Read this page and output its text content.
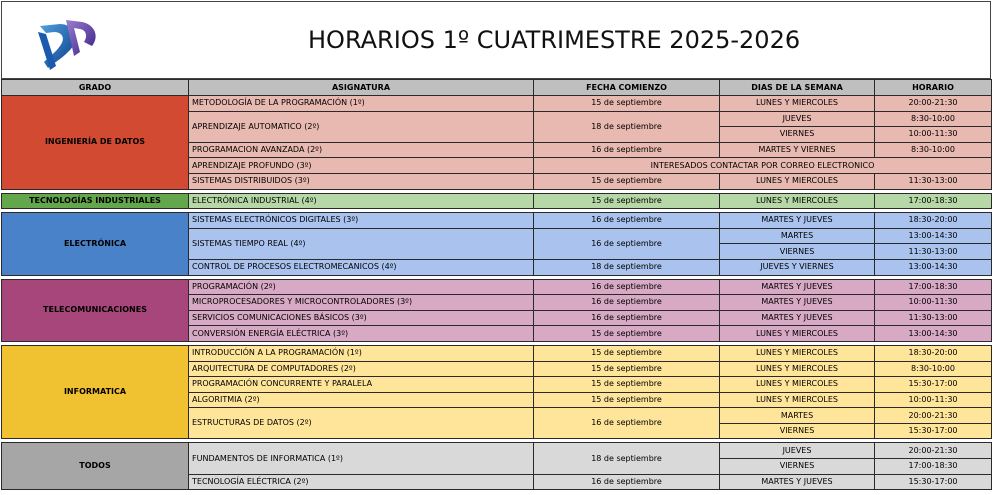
HORARIOS 1º CUATRIMESTRE 2025-2026
GRADO	ASIGNATURA	FECHA COMIENZO	DIAS DE LA SEMANA	HORARIO
INGENIERÍA DE DATOS	METODOLOGÍA DE LA PROGRAMACIÓN (1º)	15 de septiembre	LUNES Y MIERCOLES	20:00-21:30
	APRENDIZAJE AUTOMATICO (2º)	18 de septiembre	JUEVES	8:30-10:00
			VIERNES	10:00-11:30
	PROGRAMACION AVANZADA (2º)	16 de septiembre	MARTES Y VIERNES	8:30-10:00
	APRENDIZAJE PROFUNDO (3º)	INTERESADOS CONTACTAR POR CORREO ELECTRONICO		
	SISTEMAS DISTRIBUIDOS (3º)	15 de septiembre	LUNES Y MIERCOLES	11:30-13:00

TECNOLOGÍAS INDUSTRIALES	ELECTRÓNICA INDUSTRIAL (4º)	15 de septiembre	LUNES Y MIERCOLES	17:00-18:30

ELECTRÓNICA	SISTEMAS ELECTRÓNICOS DIGITALES (3º)	16 de septiembre	MARTES Y JUEVES	18:30-20:00
	SISTEMAS TIEMPO REAL (4º)	16 de septiembre	MARTES	13:00-14:30
			VIERNES	11:30-13:00
	CONTROL DE PROCESOS ELECTROMECANICOS (4º)	18 de septiembre	JUEVES Y VIERNES	13:00-14:30

TELECOMUNICACIONES	PROGRAMACIÓN (2º)	16 de septiembre	MARTES Y JUEVES	17:00-18:30
	MICROPROCESADORES Y MICROCONTROLADORES (3º)	16 de septiembre	MARTES Y JUEVES	10:00-11:30
	SERVICIOS COMUNICACIONES BÁSICOS (3º)	16 de septiembre	MARTES Y JUEVES	11:30-13:00
	CONVERSIÓN ENERGÍA ELÉCTRICA (3º)	15 de septiembre	LUNES Y MIERCOLES	13:00-14:30

INFORMATICA	INTRODUCCIÓN A LA PROGRAMACIÓN (1º)	15 de septiembre	LUNES Y MIERCOLES	18:30-20:00
	ARQUITECTURA DE COMPUTADORES (2º)	15 de septiembre	LUNES Y MIERCOLES	8:30-10:00
	PROGRAMACIÓN CONCURRENTE Y PARALELA	15 de septiembre	LUNES Y MIERCOLES	15:30-17:00
	ALGORITMIA (2º)	15 de septiembre	LUNES Y MIERCOLES	10:00-11:30
	ESTRUCTURAS DE DATOS (2º)	16 de septiembre	MARTES	20:00-21:30
			VIERNES	15:30-17:00

TODOS	FUNDAMENTOS DE INFORMATICA (1º)	18 de septiembre	JUEVES	20:00-21:30
			VIERNES	17:00-18:30
	TECNOLOGÍA ELÉCTRICA (2º)	16 de septiembre	MARTES Y JUEVES	15:30-17:00
